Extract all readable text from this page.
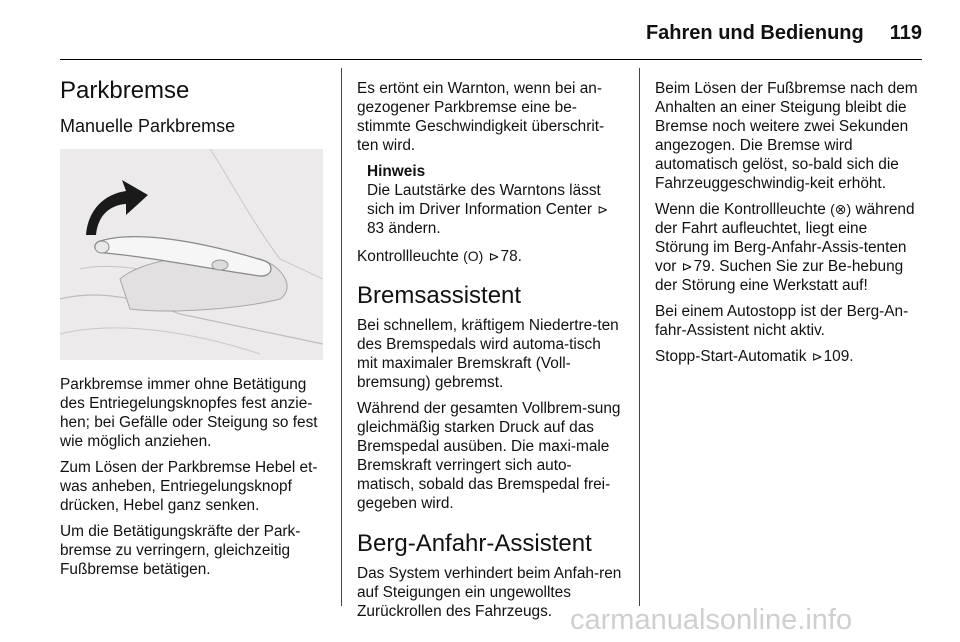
Fahren und Bedienung 119
Parkbremse
Manuelle Parkbremse

Parkbremse immer ohne Betätigung des Entriegelungsknopfes fest anzie-hen; bei Gefälle oder Steigung so fest wie möglich anziehen.

Zum Lösen der Parkbremse Hebel et-was anheben, Entriegelungsknopf drücken, Hebel ganz senken.

Um die Betätigungskräfte der Park-bremse zu verringern, gleichzeitig Fußbremse betätigen.

Es ertönt ein Warnton, wenn bei an-gezogener Parkbremse eine be-stimmte Geschwindigkeit überschrit-ten wird.

Hinweis
Die Lautstärke des Warntons lässt sich im Driver Information Center ⊳83 ändern.

Kontrollleuchte (O) ⊳78.

Bremsassistent

Bei schnellem, kräftigem Niedertre-ten des Bremspedals wird automa-tisch mit maximaler Bremskraft (Voll-bremsung) gebremst.

Während der gesamten Vollbrem-sung gleichmäßig starken Druck auf das Bremspedal ausüben. Die maxi-male Bremskraft verringert sich auto-matisch, sobald das Bremspedal frei-gegeben wird.

Berg-Anfahr-Assistent

Das System verhindert beim Anfah-ren auf Steigungen ein ungewolltes Zurückrollen des Fahrzeugs.

Beim Lösen der Fußbremse nach dem Anhalten an einer Steigung bleibt die Bremse noch weitere zwei Sekunden angezogen. Die Bremse wird automatisch gelöst, so-bald sich die Fahrzeuggeschwindig-keit erhöht.

Wenn die Kontrollleuchte (⊗) während der Fahrt aufleuchtet, liegt eine Störung im Berg-Anfahr-Assis-tenten vor ⊳79. Suchen Sie zur Be-hebung der Störung eine Werkstatt auf!

Bei einem Autostopp ist der Berg-An-fahr-Assistent nicht aktiv.

Stopp-Start-Automatik ⊳109.

carmanualsonline.info
